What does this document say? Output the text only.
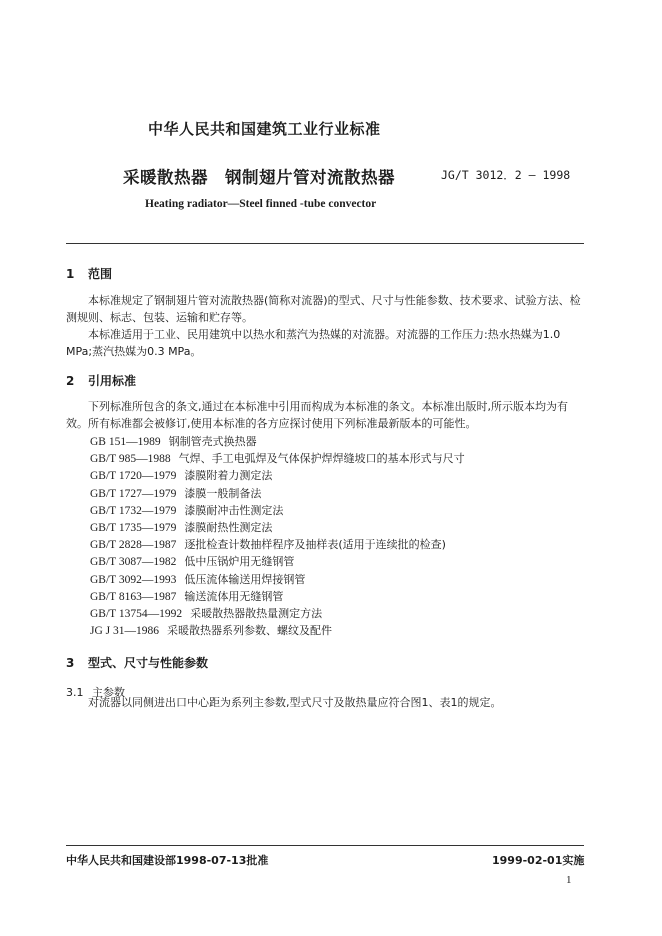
中华人民共和国建筑工业行业标准
采暖散热器　钢制翅片管对流散热器	JG/T 3012．2 — 1998
Heating radiator—Steel finned -tube convector
1 范围
本标准规定了钢制翅片管对流散热器(简称对流器)的型式、尺寸与性能参数、技术要求、试验方法、检测规则、标志、包装、运输和贮存等。
本标准适用于工业、民用建筑中以热水和蒸汽为热媒的对流器。对流器的工作压力:热水热媒为1.0 MPa;蒸汽热媒为0.3 MPa。
2 引用标准
下列标准所包含的条文,通过在本标准中引用而构成为本标准的条文。本标准出版时,所示版本均为有效。所有标准都会被修订,使用本标准的各方应探讨使用下列标准最新版本的可能性。
GB 151—1989 钢制管壳式换热器
GB/T 985—1988 气焊、手工电弧焊及气体保护焊焊缝坡口的基本形式与尺寸
GB/T 1720—1979 漆膜附着力测定法
GB/T 1727—1979 漆膜一般制备法
GB/T 1732—1979 漆膜耐冲击性测定法
GB/T 1735—1979 漆膜耐热性测定法
GB/T 2828—1987 逐批检查计数抽样程序及抽样表(适用于连续批的检查)
GB/T 3087—1982 低中压锅炉用无缝钢管
GB/T 3092—1993 低压流体输送用焊接钢管
GB/T 8163—1987 输送流体用无缝钢管
GB/T 13754—1992 采暖散热器散热量测定方法
JG J 31—1986 采暖散热器系列参数、螺纹及配件
3 型式、尺寸与性能参数
3.1 主参数
对流器以同侧进出口中心距为系列主参数,型式尺寸及散热量应符合图1、表1的规定。
中华人民共和国建设部1998-07-13批准	1999-02-01实施
1
